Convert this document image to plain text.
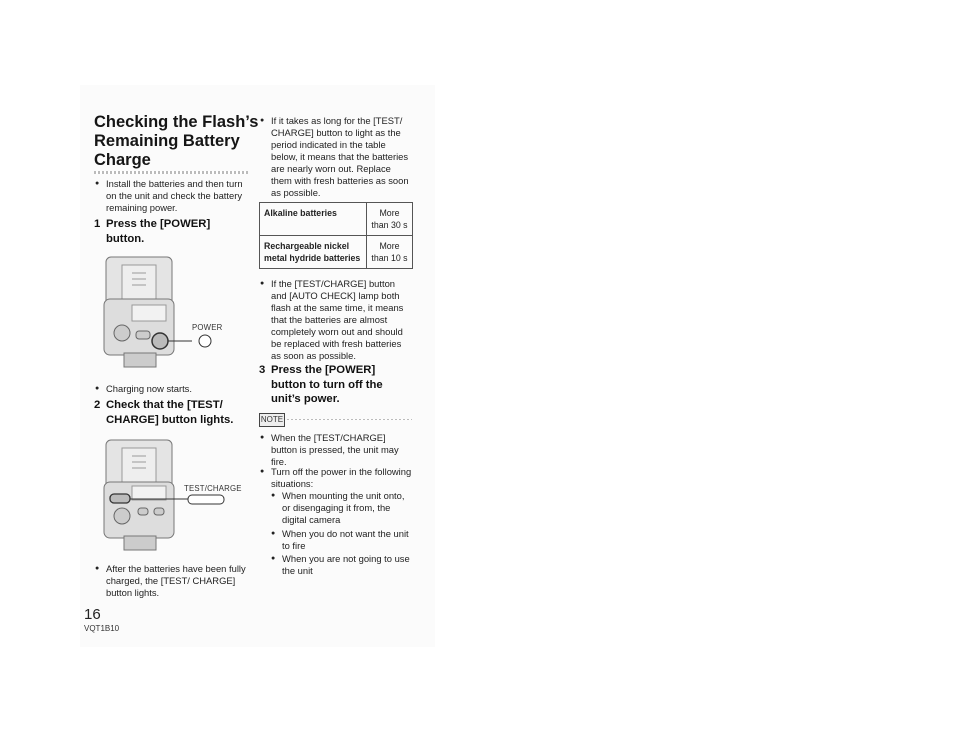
Checking the Flash’s Remaining Battery Charge
● Install the batteries and then turn on the unit and check the battery remaining power.
1 Press the [POWER] button.
POWER
● Charging now starts.
2 Check that the [TEST/ CHARGE] button lights.
TEST/CHARGE
● After the batteries have been fully charged, the [TEST/ CHARGE] button lights.
● If it takes as long for the [TEST/ CHARGE] button to light as the period indicated in the table below, it means that the batteries are nearly worn out. Replace them with fresh batteries as soon as possible.
Alkaline batteries	More than 30 s
Rechargeable nickel metal hydride batteries	More than 10 s
● If the [TEST/CHARGE] button and [AUTO CHECK] lamp both flash at the same time, it means that the batteries are almost completely worn out and should be replaced with fresh batteries as soon as possible.
3 Press the [POWER] button to turn off the unit’s power.
NOTE
● When the [TEST/CHARGE] button is pressed, the unit may fire.
● Turn off the power in the following situations:
● When mounting the unit onto, or disengaging it from, the digital camera
● When you do not want the unit to fire
● When you are not going to use the unit
16
VQT1B10
